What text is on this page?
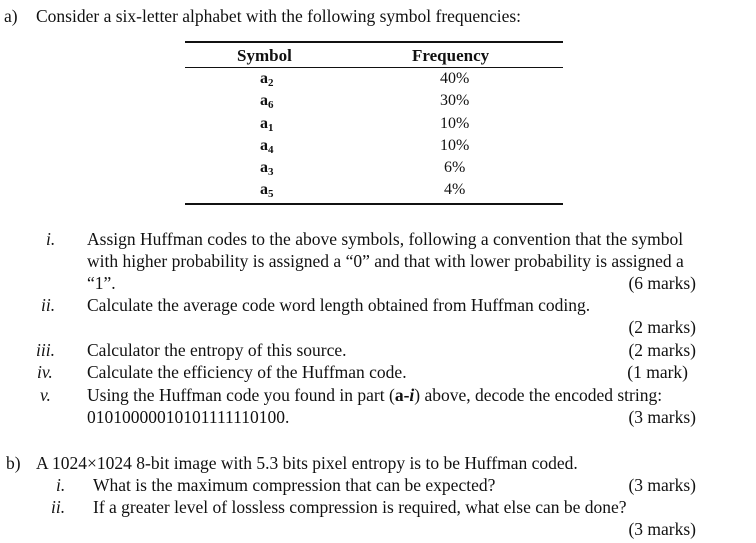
a) Consider a six-letter alphabet with the following symbol frequencies:
Symbol	Frequency
$a_2$	40%
$a_6$	30%
$a_1$	10%
$a_4$	10%
$a_3$	6%
$a_5$	4%
i. Assign Huffman codes to the above symbols, following a convention that the symbol
with higher probability is assigned a “0” and that with lower probability is assigned a
“1”.	(6 marks)
ii. Calculate the average code word length obtained from Huffman coding.
(2 marks)
iii. Calculator the entropy of this source.	(2 marks)
iv. Calculate the efficiency of the Huffman code.	(1 mark)
v. Using the Huffman code you found in part (a-i) above, decode the encoded string:
01010000010101111110100.	(3 marks)
b) A 1024×1024 8-bit image with 5.3 bits pixel entropy is to be Huffman coded.
i. What is the maximum compression that can be expected?	(3 marks)
ii. If a greater level of lossless compression is required, what else can be done?
(3 marks)
